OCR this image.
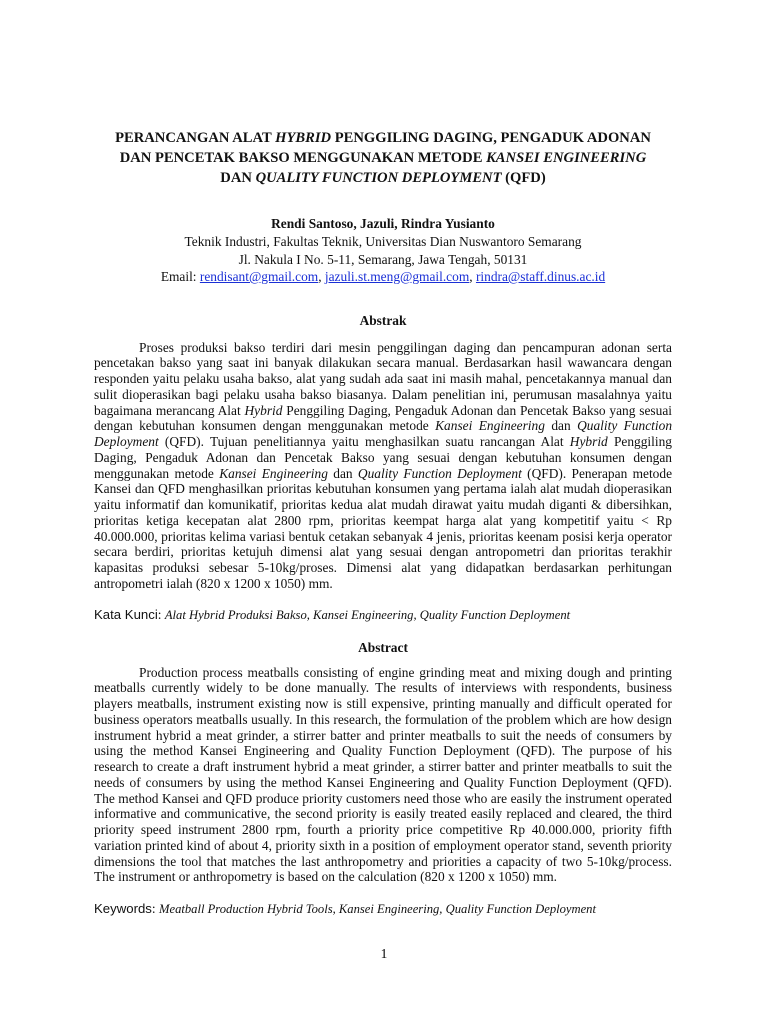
PERANCANGAN ALAT HYBRID PENGGILING DAGING, PENGADUK ADONAN
DAN PENCETAK BAKSO MENGGUNAKAN METODE KANSEI ENGINEERING
DAN QUALITY FUNCTION DEPLOYMENT (QFD)
Rendi Santoso, Jazuli, Rindra Yusianto
Teknik Industri, Fakultas Teknik, Universitas Dian Nuswantoro Semarang
Jl. Nakula I No. 5-11, Semarang, Jawa Tengah, 50131
Email: rendisant@gmail.com, jazuli.st.meng@gmail.com, rindra@staff.dinus.ac.id
Abstrak

Proses produksi bakso terdiri dari mesin penggilingan daging dan pencampuran adonan serta pencetakan bakso yang saat ini banyak dilakukan secara manual. Berdasarkan hasil wawancara dengan responden yaitu pelaku usaha bakso, alat yang sudah ada saat ini masih mahal, pencetakannya manual dan sulit dioperasikan bagi pelaku usaha bakso biasanya. Dalam penelitian ini, perumusan masalahnya yaitu bagaimana merancang Alat Hybrid Penggiling Daging, Pengaduk Adonan dan Pencetak Bakso yang sesuai dengan kebutuhan konsumen dengan menggunakan metode Kansei Engineering dan Quality Function Deployment (QFD). Tujuan penelitiannya yaitu menghasilkan suatu rancangan Alat Hybrid Penggiling Daging, Pengaduk Adonan dan Pencetak Bakso yang sesuai dengan kebutuhan konsumen dengan menggunakan metode Kansei Engineering dan Quality Function Deployment (QFD). Penerapan metode Kansei dan QFD menghasilkan prioritas kebutuhan konsumen yang pertama ialah alat mudah dioperasikan yaitu informatif dan komunikatif, prioritas kedua alat mudah dirawat yaitu mudah diganti & dibersihkan, prioritas ketiga kecepatan alat 2800 rpm, prioritas keempat harga alat yang kompetitif yaitu < Rp 40.000.000, prioritas kelima variasi bentuk cetakan sebanyak 4 jenis, prioritas keenam posisi kerja operator secara berdiri, prioritas ketujuh dimensi alat yang sesuai dengan antropometri dan prioritas terakhir kapasitas produksi sebesar 5-10kg/proses. Dimensi alat yang didapatkan berdasarkan perhitungan antropometri ialah (820 x 1200 x 1050) mm.

Kata Kunci: Alat Hybrid Produksi Bakso, Kansei Engineering, Quality Function Deployment
Abstract

Production process meatballs consisting of engine grinding meat and mixing dough and printing meatballs currently widely to be done manually. The results of interviews with respondents, business players meatballs, instrument existing now is still expensive, printing manually and difficult operated for business operators meatballs usually. In this research, the formulation of the problem which are how design instrument hybrid a meat grinder, a stirrer batter and printer meatballs to suit the needs of consumers by using the method Kansei Engineering and Quality Function Deployment (QFD). The purpose of his research to create a draft instrument hybrid a meat grinder, a stirrer batter and printer meatballs to suit the needs of consumers by using the method Kansei Engineering and Quality Function Deployment (QFD). The method Kansei and QFD produce priority customers need those who are easily the instrument operated informative and communicative, the second priority is easily treated easily replaced and cleared, the third priority speed instrument 2800 rpm, fourth a priority price competitive Rp 40.000.000, priority fifth variation printed kind of about 4, priority sixth in a position of employment operator stand, seventh priority dimensions the tool that matches the last anthropometry and priorities a capacity of two 5-10kg/process. The instrument or anthropometry is based on the calculation (820 x 1200 x 1050) mm.

Keywords: Meatball Production Hybrid Tools, Kansei Engineering, Quality Function Deployment
1
